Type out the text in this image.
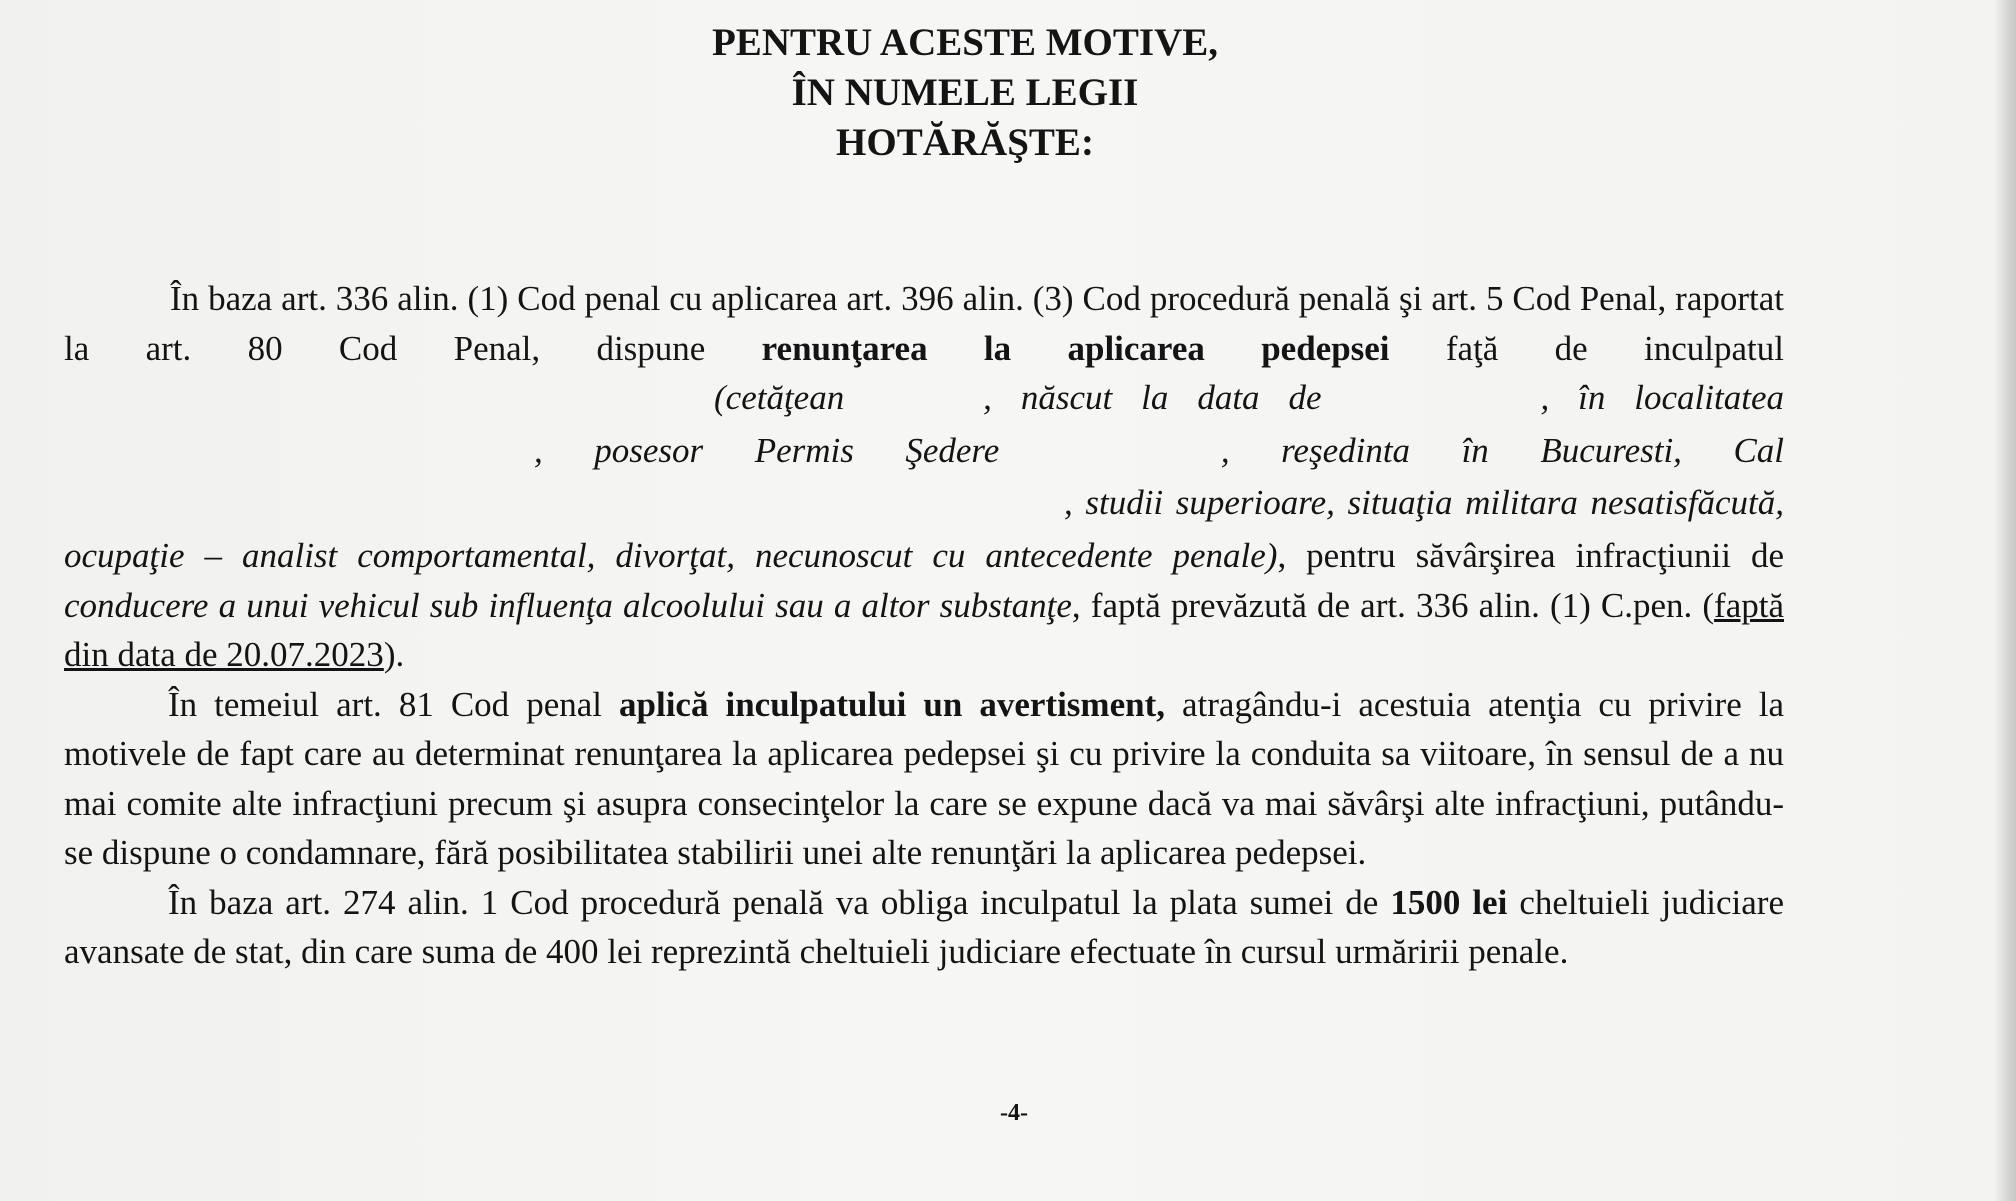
PENTRU ACESTE MOTIVE,
ÎN NUMELE LEGII
HOTĂRĂŞTE:

În baza art. 336 alin. (1) Cod penal cu aplicarea art. 396 alin. (3) Cod procedură penală şi art. 5 Cod Penal, raportat la art. 80 Cod Penal, dispune renunţarea la aplicarea pedepsei faţă de inculpatul  (cetăţean	, născut la data de	, în localitatea  , posesor Permis Şedere	, reşedinta în Bucuresti, Cal  , studii superioare, situaţia militara nesatisfăcută, ocupaţie – analist comportamental, divorţat, necunoscut cu antecedente penale), pentru săvârşirea infracţiunii de conducere a unui vehicul sub influenţa alcoolului sau a altor substanţe, faptă prevăzută de art. 336 alin. (1) C.pen. (faptă din data de 20.07.2023).

În temeiul art. 81 Cod penal aplică inculpatului un avertisment, atragându-i acestuia atenţia cu privire la motivele de fapt care au determinat renunţarea la aplicarea pedepsei şi cu privire la conduita sa viitoare, în sensul de a nu mai comite alte infracţiuni precum şi asupra consecinţelor la care se expune dacă va mai săvârşi alte infracţiuni, putându-se dispune o condamnare, fără posibilitatea stabilirii unei alte renunţări la aplicarea pedepsei.

În baza art. 274 alin. 1 Cod procedură penală va obliga inculpatul la plata sumei de 1500 lei cheltuieli judiciare avansate de stat, din care suma de 400 lei reprezintă cheltuieli judiciare efectuate în cursul urmăririi penale.

-4-
